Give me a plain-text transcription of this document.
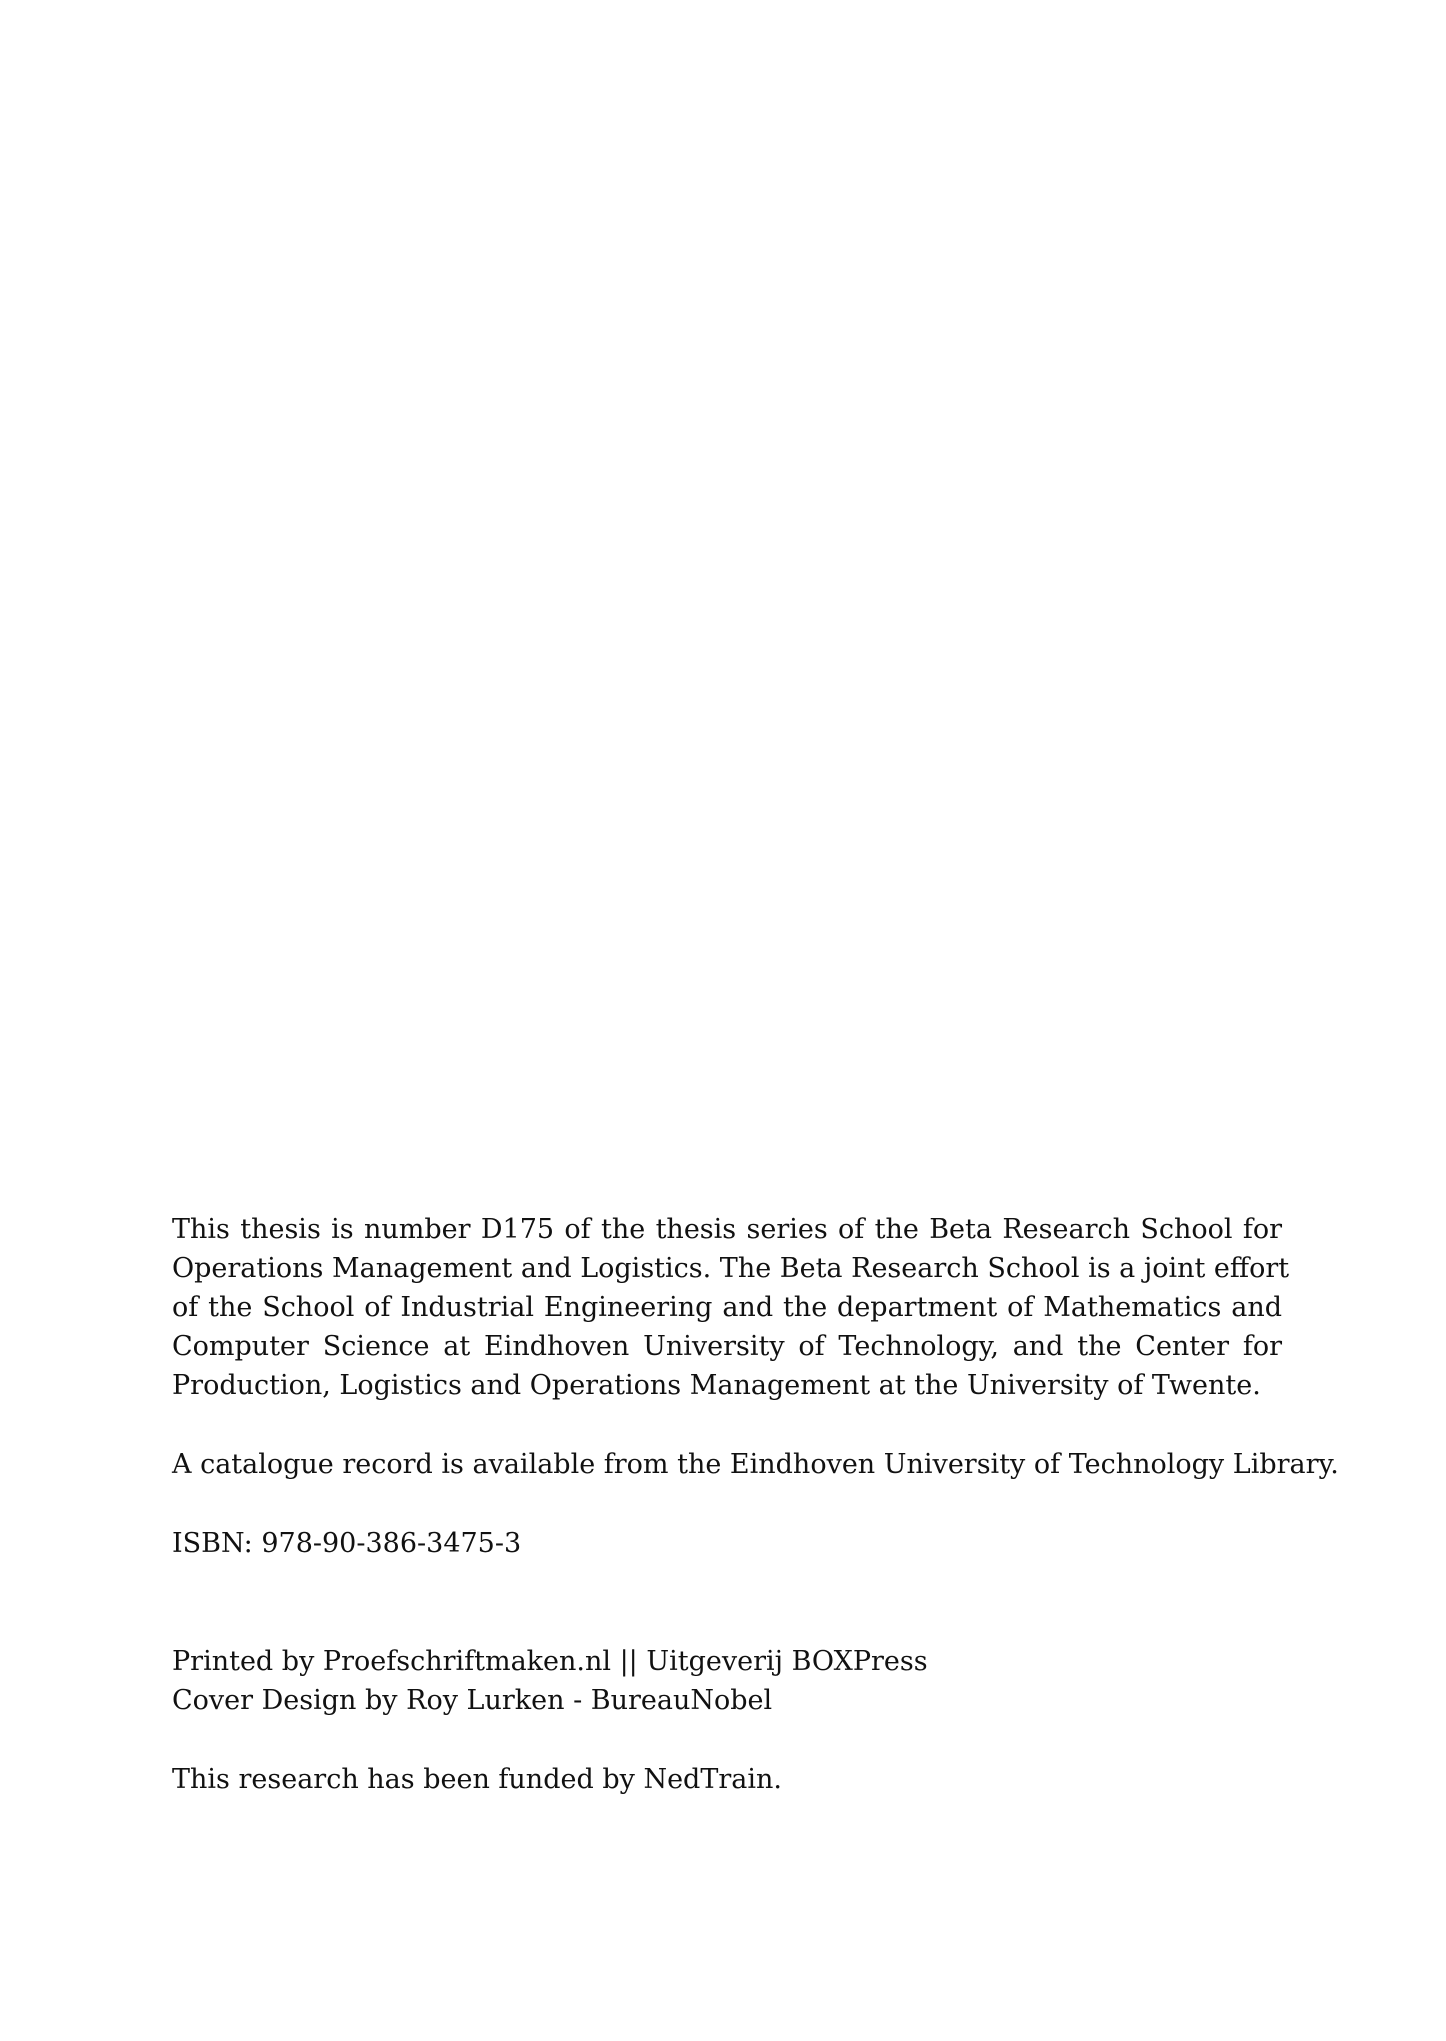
This thesis is number D175 of the thesis series of the Beta Research School for
Operations Management and Logistics. The Beta Research School is a joint effort
of the School of Industrial Engineering and the department of Mathematics and
Computer Science at Eindhoven University of Technology, and the Center for
Production, Logistics and Operations Management at the University of Twente.

A catalogue record is available from the Eindhoven University of Technology Library.

ISBN: 978-90-386-3475-3

Printed by Proefschriftmaken.nl || Uitgeverij BOXPress

Cover Design by Roy Lurken - BureauNobel

This research has been funded by NedTrain.
